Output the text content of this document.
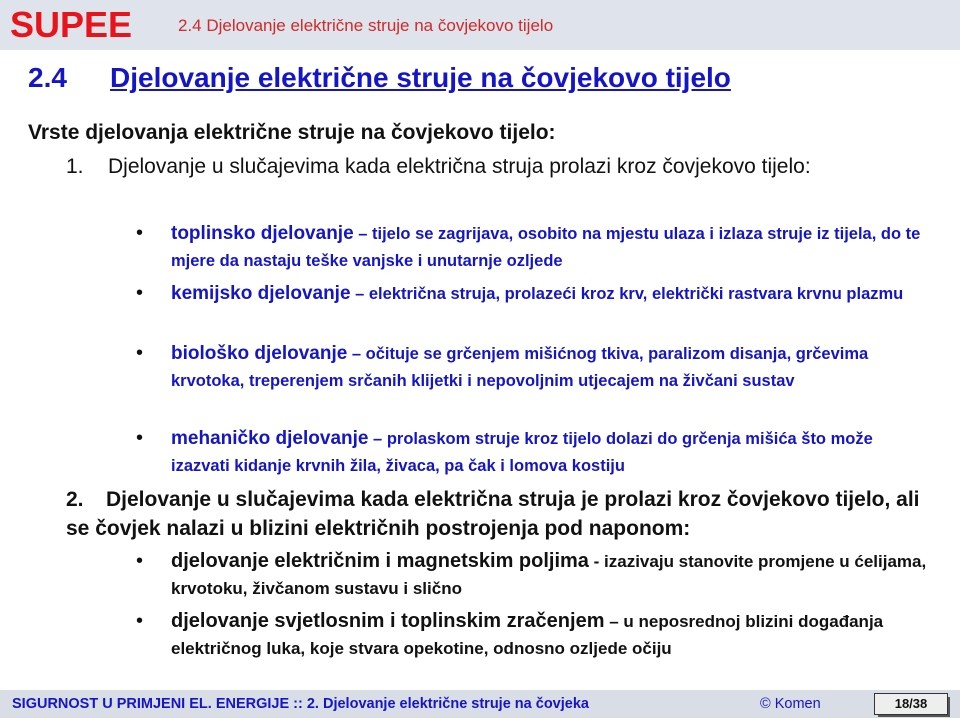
SUPEE	2.4 Djelovanje električne struje na čovjekovo tijelo
2.4 Djelovanje električne struje na čovjekovo tijelo
Vrste djelovanja električne struje na čovjekovo tijelo:
1. Djelovanje u slučajevima kada električna struja prolazi kroz čovjekovo tijelo:
• toplinsko djelovanje – tijelo se zagrijava, osobito na mjestu ulaza i izlaza struje iz tijela, do te mjere da nastaju teške vanjske i unutarnje ozljede
• kemijsko djelovanje – električna struja, prolazeći kroz krv, električki rastvara krvnu plazmu
• biološko djelovanje – očituje se grčenjem mišićnog tkiva, paralizom disanja, grčevima krvotoka, treperenjem srčanih klijetki i nepovoljnim utjecajem na živčani sustav
• mehaničko djelovanje – prolaskom struje kroz tijelo dolazi do grčenja mišića što može izazvati kidanje krvnih žila, živaca, pa čak i lomova kostiju
2. Djelovanje u slučajevima kada električna struja je prolazi kroz čovjekovo tijelo, ali se čovjek nalazi u blizini električnih postrojenja pod naponom:
• djelovanje električnim i magnetskim poljima - izazivaju stanovite promjene u ćelijama, krvotoku, živčanom sustavu i slično
• djelovanje svjetlosnim i toplinskim zračenjem – u neposrednoj blizini događanja električnog luka, koje stvara opekotine, odnosno ozljede očiju
SIGURNOST U PRIMJENI EL. ENERGIJE :: 2. Djelovanje električne struje na čovjeka	© Komen	18/38
